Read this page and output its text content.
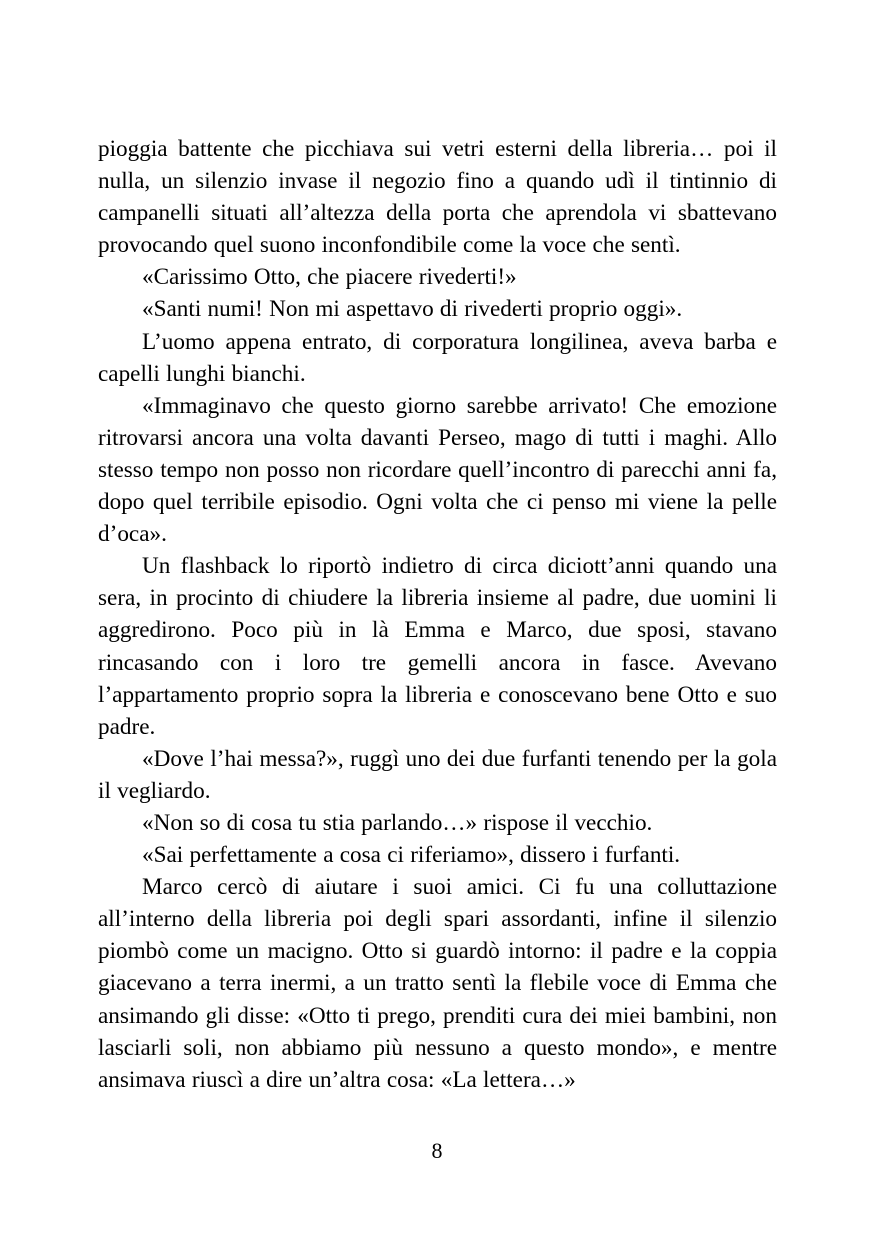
pioggia battente che picchiava sui vetri esterni della libreria… poi il nulla, un silenzio invase il negozio fino a quando udì il tintinnio di campanelli situati all’altezza della porta che aprendola vi sbattevano provocando quel suono inconfondibile come la voce che sentì.

«Carissimo Otto, che piacere rivederti!»

«Santi numi! Non mi aspettavo di rivederti proprio oggi».

L’uomo appena entrato, di corporatura longilinea, aveva barba e capelli lunghi bianchi.

«Immaginavo che questo giorno sarebbe arrivato! Che emozione ritrovarsi ancora una volta davanti Perseo, mago di tutti i maghi. Allo stesso tempo non posso non ricordare quell’incontro di parecchi anni fa, dopo quel terribile episodio. Ogni volta che ci penso mi viene la pelle d’oca».

Un flashback lo riportò indietro di circa diciott’anni quando una sera, in procinto di chiudere la libreria insieme al padre, due uomini li aggredirono. Poco più in là Emma e Marco, due sposi, stavano rincasando con i loro tre gemelli ancora in fasce. Avevano l’appartamento proprio sopra la libreria e conoscevano bene Otto e suo padre.

«Dove l’hai messa?», ruggì uno dei due furfanti tenendo per la gola il vegliardo.

«Non so di cosa tu stia parlando…» rispose il vecchio.

«Sai perfettamente a cosa ci riferiamo», dissero i furfanti.

Marco cercò di aiutare i suoi amici. Ci fu una colluttazione all’interno della libreria poi degli spari assordanti, infine il silenzio piombò come un macigno. Otto si guardò intorno: il padre e la coppia giacevano a terra inermi, a un tratto sentì la flebile voce di Emma che ansimando gli disse: «Otto ti prego, prenditi cura dei miei bambini, non lasciarli soli, non abbiamo più nessuno a questo mondo», e mentre ansimava riuscì a dire un’altra cosa: «La lettera…»

8
